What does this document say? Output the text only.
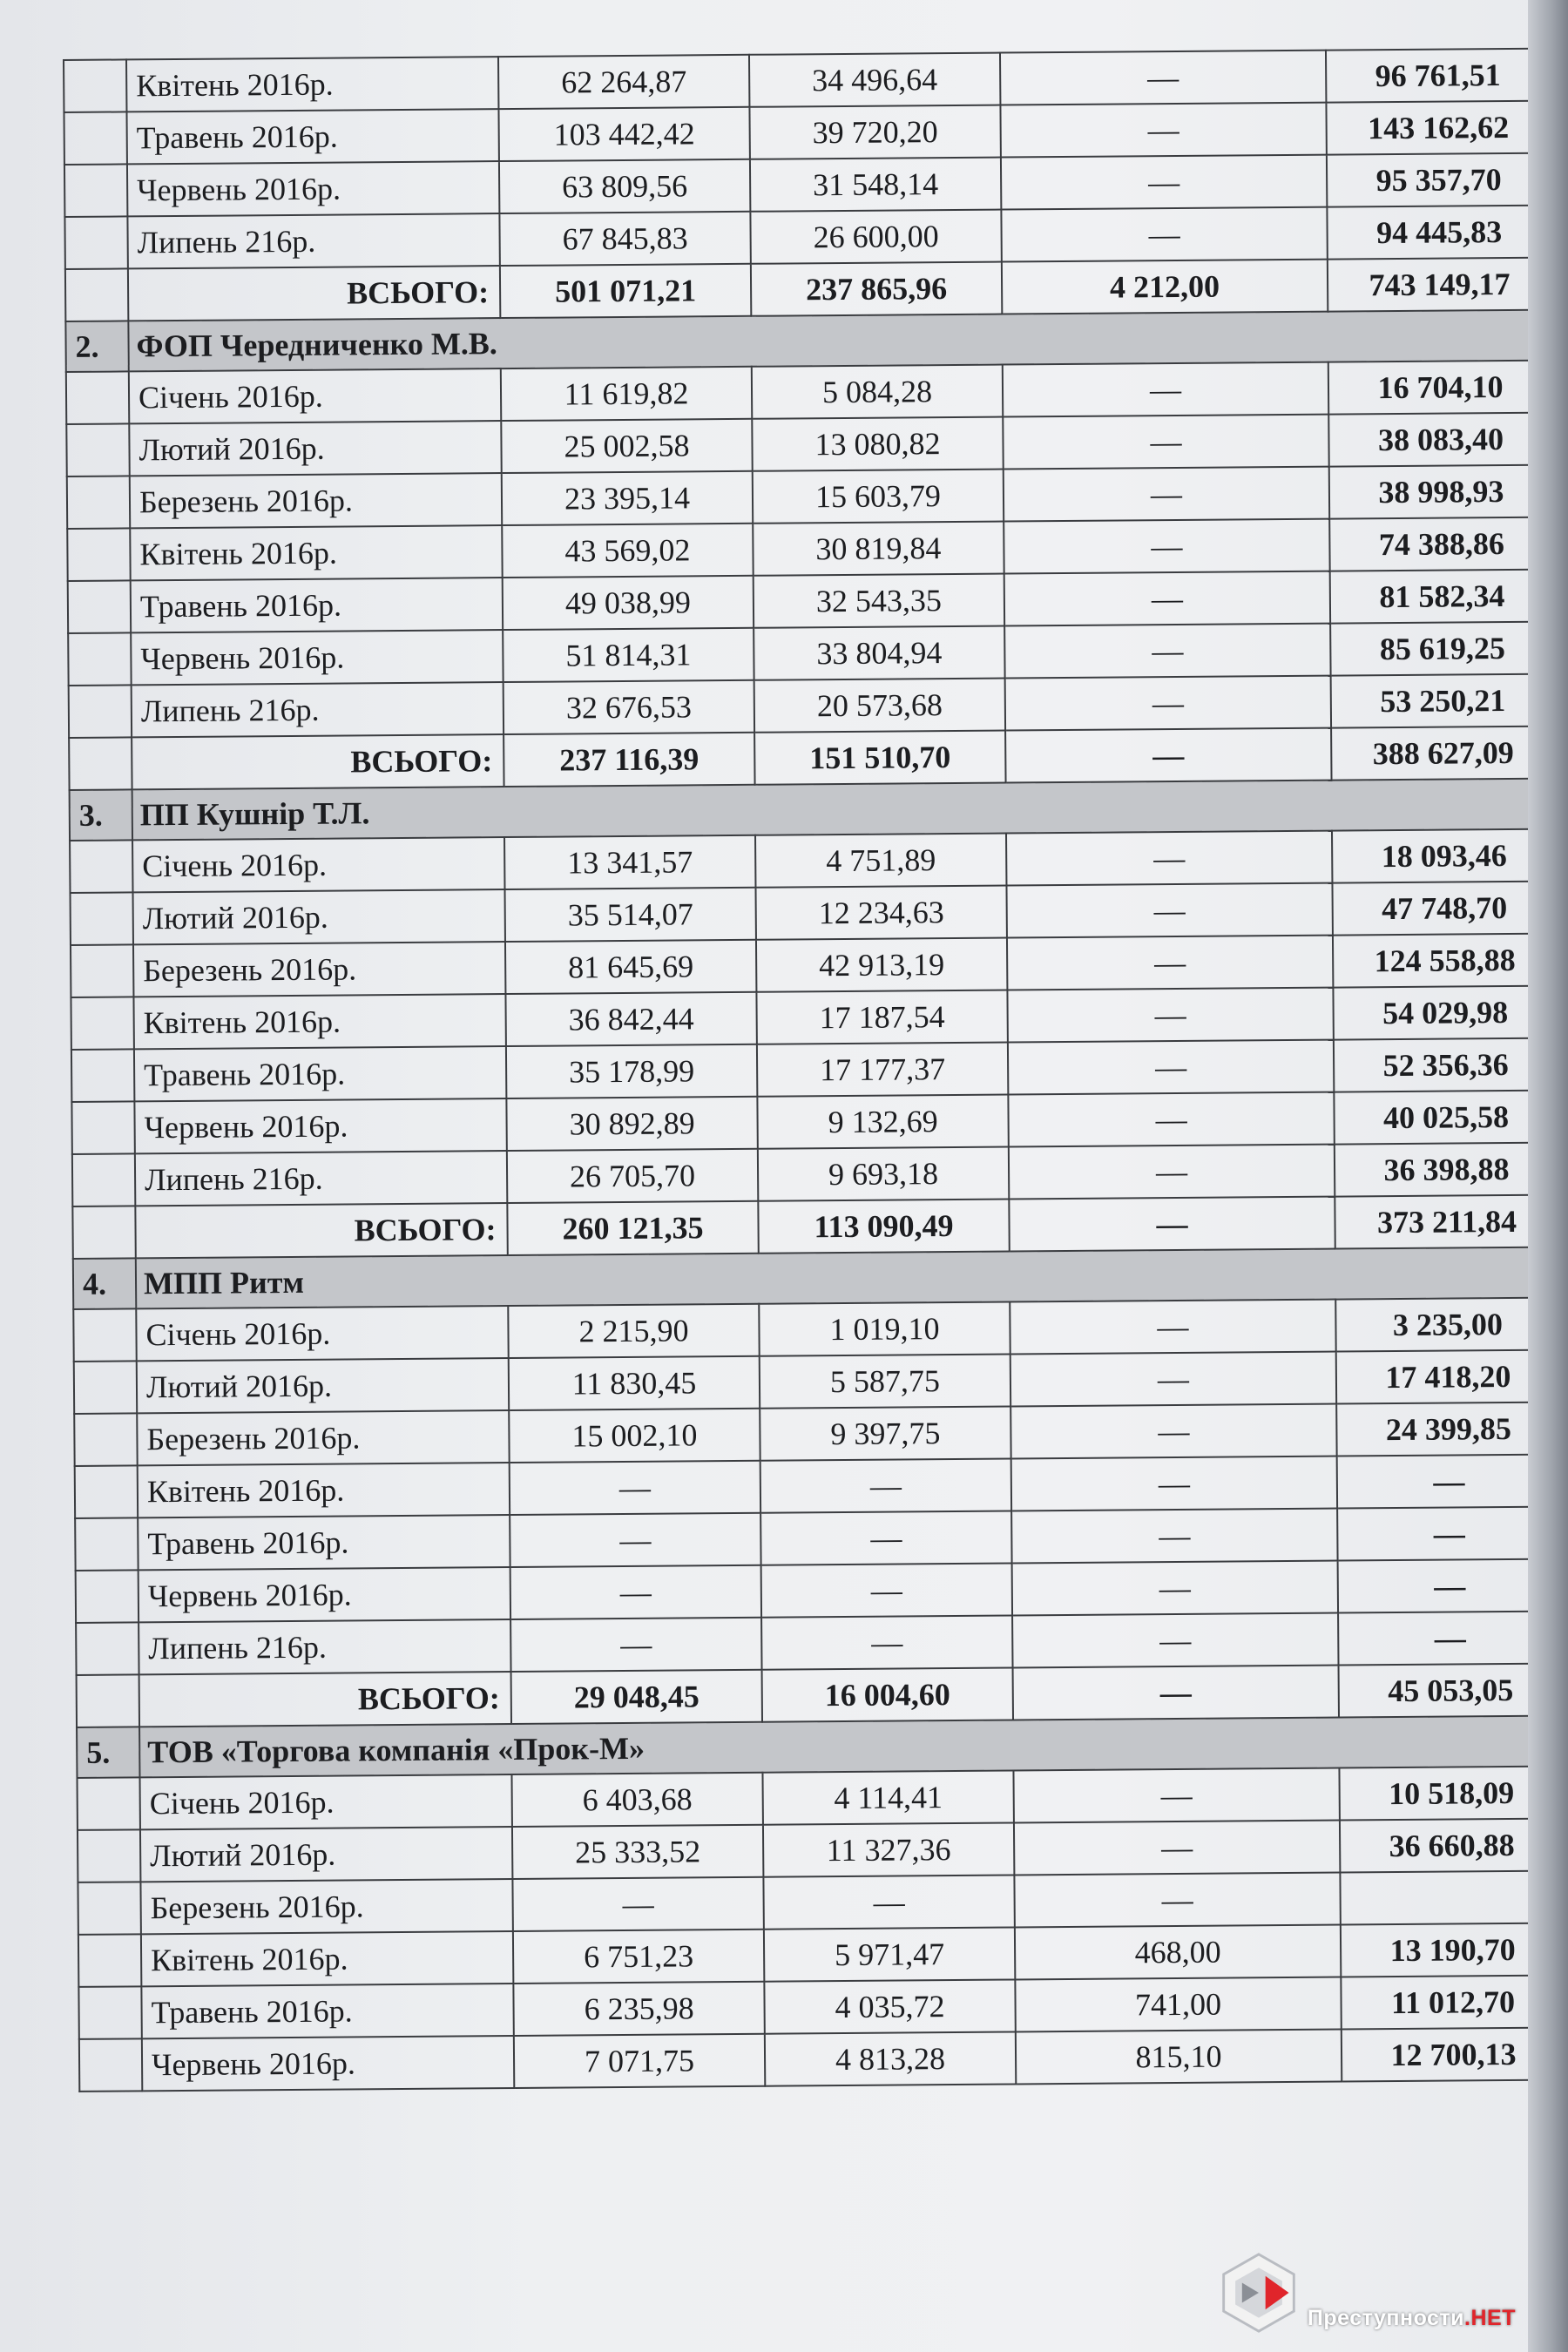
	Квітень 2016р.	62 264,87	34 496,64	—	96 761,51
	Травень 2016р.	103 442,42	39 720,20	—	143 162,62
	Червень 2016р.	63 809,56	31 548,14	—	95 357,70
	Липень 216р.	67 845,83	26 600,00	—	94 445,83
	ВСЬОГО:	501 071,21	237 865,96	4 212,00	743 149,17
2.	ФОП Чередниченко М.В.				
	Січень 2016р.	11 619,82	5 084,28	—	16 704,10
	Лютий 2016р.	25 002,58	13 080,82	—	38 083,40
	Березень 2016р.	23 395,14	15 603,79	—	38 998,93
	Квітень 2016р.	43 569,02	30 819,84	—	74 388,86
	Травень 2016р.	49 038,99	32 543,35	—	81 582,34
	Червень 2016р.	51 814,31	33 804,94	—	85 619,25
	Липень 216р.	32 676,53	20 573,68	—	53 250,21
	ВСЬОГО:	237 116,39	151 510,70	—	388 627,09
3.	ПП Кушнір Т.Л.				
	Січень 2016р.	13 341,57	4 751,89	—	18 093,46
	Лютий 2016р.	35 514,07	12 234,63	—	47 748,70
	Березень 2016р.	81 645,69	42 913,19	—	124 558,88
	Квітень 2016р.	36 842,44	17 187,54	—	54 029,98
	Травень 2016р.	35 178,99	17 177,37	—	52 356,36
	Червень 2016р.	30 892,89	9 132,69	—	40 025,58
	Липень 216р.	26 705,70	9 693,18	—	36 398,88
	ВСЬОГО:	260 121,35	113 090,49	—	373 211,84
4.	МПП Ритм				
	Січень 2016р.	2 215,90	1 019,10	—	3 235,00
	Лютий 2016р.	11 830,45	5 587,75	—	17 418,20
	Березень 2016р.	15 002,10	9 397,75	—	24 399,85
	Квітень 2016р.	—	—	—	—
	Травень 2016р.	—	—	—	—
	Червень 2016р.	—	—	—	—
	Липень 216р.	—	—	—	—
	ВСЬОГО:	29 048,45	16 004,60	—	45 053,05
5.	ТОВ «Торгова компанія «Прок-М»				
	Січень 2016р.	6 403,68	4 114,41	—	10 518,09
	Лютий 2016р.	25 333,52	11 327,36	—	36 660,88
	Березень 2016р.	—	—	—	
	Квітень 2016р.	6 751,23	5 971,47	468,00	13 190,70
	Травень 2016р.	6 235,98	4 035,72	741,00	11 012,70
	Червень 2016р.	7 071,75	4 813,28	815,10	12 700,13
Преступности.НЕТ
